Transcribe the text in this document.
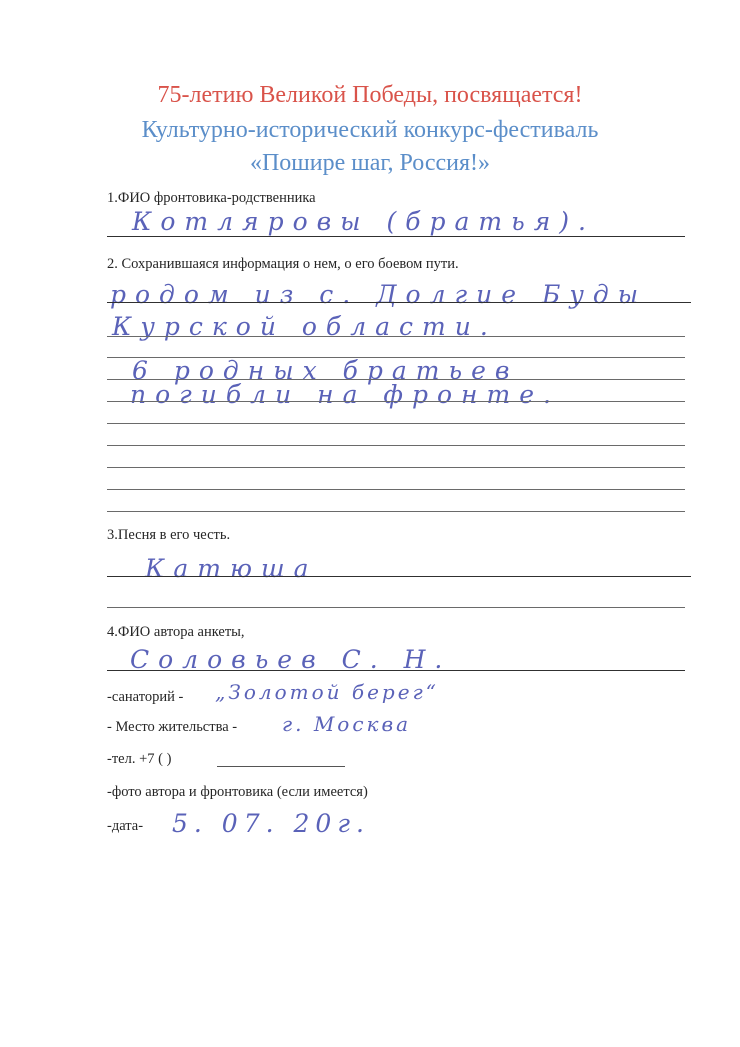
75-летию Великой Победы, посвящается!
Культурно-исторический конкурс-фестиваль
«Пошире шаг, Россия!»
1.ФИО фронтовика-родственника
Котляровы (братья).
2. Сохранившаяся информация о нем, о его боевом пути.
родом из с. Долгие Буды
Курской области.
6 родных братьев
погибли на фронте.
3.Песня в его честь.
Катюша
4.ФИО автора анкеты,
Соловьев С. Н.
-санаторий - „Золотой берег“
- Место жительства - г. Москва
-тел. +7 ( )
-фото автора и фронтовика (если имеется)
-дата- 5. 07. 20г.
